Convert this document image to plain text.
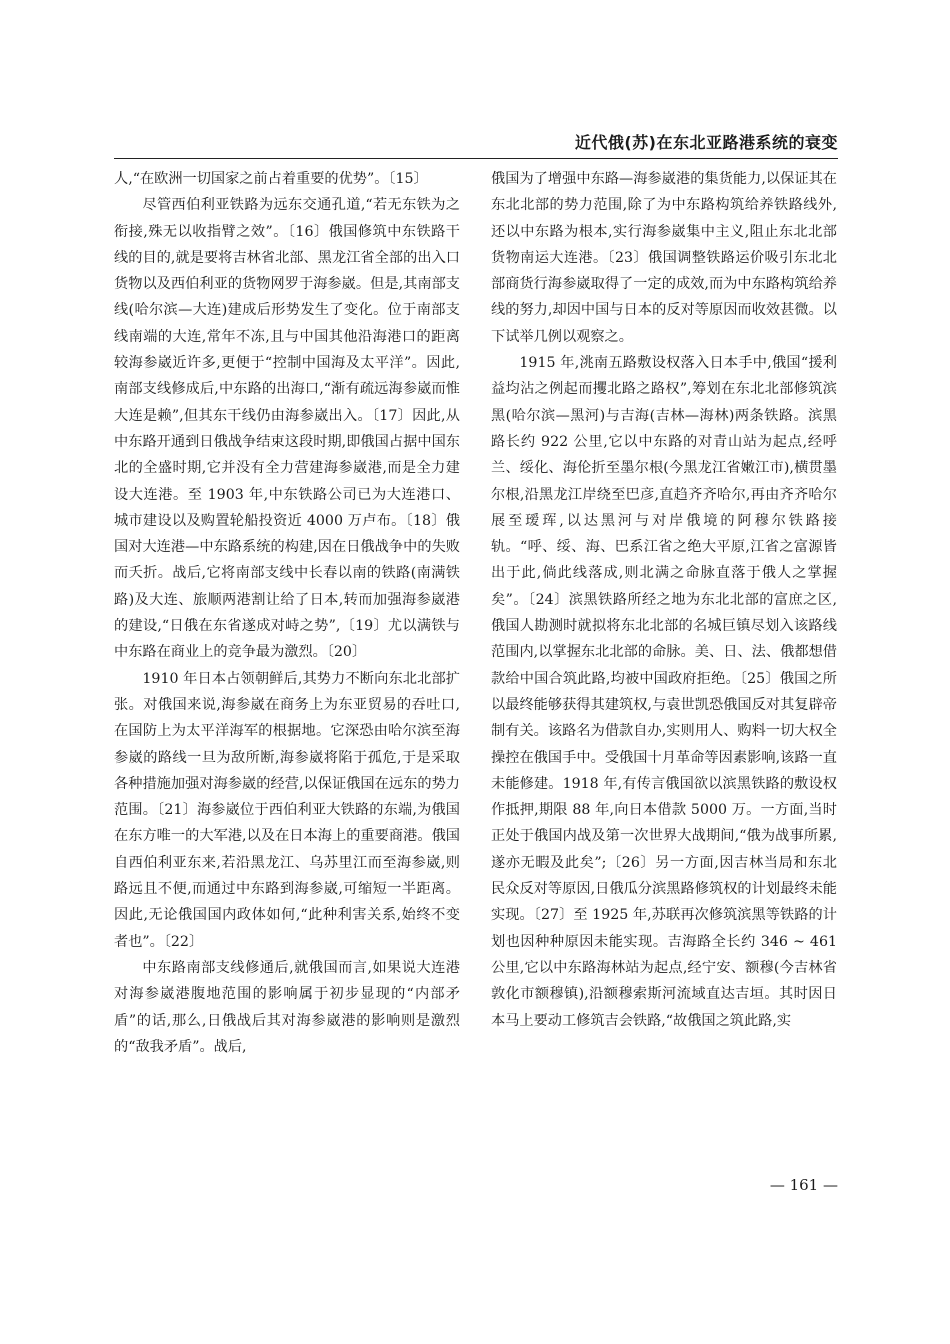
近代俄(苏)在东北亚路港系统的衰变

人,“在欧洲一切国家之前占着重要的优势”。〔15〕

尽管西伯利亚铁路为远东交通孔道,“若无东铁为之衔接,殊无以收指臂之效”。〔16〕俄国修筑中东铁路干线的目的,就是要将吉林省北部、黑龙江省全部的出入口货物以及西伯利亚的货物网罗于海参崴。但是,其南部支线(哈尔滨—大连)建成后形势发生了变化。位于南部支线南端的大连,常年不冻,且与中国其他沿海港口的距离较海参崴近许多,更便于“控制中国海及太平洋”。因此,南部支线修成后,中东路的出海口,“渐有疏远海参崴而惟大连是赖”,但其东干线仍由海参崴出入。〔17〕因此,从中东路开通到日俄战争结束这段时期,即俄国占据中国东北的全盛时期,它并没有全力营建海参崴港,而是全力建设大连港。至 1903 年,中东铁路公司已为大连港口、城市建设以及购置轮船投资近 4000 万卢布。〔18〕俄国对大连港—中东路系统的构建,因在日俄战争中的失败而夭折。战后,它将南部支线中长春以南的铁路(南满铁路)及大连、旅顺两港割让给了日本,转而加强海参崴港的建设,“日俄在东省遂成对峙之势”,〔19〕尤以满铁与中东路在商业上的竞争最为激烈。〔20〕

1910 年日本占领朝鲜后,其势力不断向东北北部扩张。对俄国来说,海参崴在商务上为东亚贸易的吞吐口,在国防上为太平洋海军的根据地。它深恐由哈尔滨至海参崴的路线一旦为敌所断,海参崴将陷于孤危,于是采取各种措施加强对海参崴的经营,以保证俄国在远东的势力范围。〔21〕海参崴位于西伯利亚大铁路的东端,为俄国在东方唯一的大军港,以及在日本海上的重要商港。俄国自西伯利亚东来,若沿黑龙江、乌苏里江而至海参崴,则路远且不便,而通过中东路到海参崴,可缩短一半距离。因此,无论俄国国内政体如何,“此种利害关系,始终不变者也”。〔22〕

中东路南部支线修通后,就俄国而言,如果说大连港对海参崴港腹地范围的影响属于初步显现的“内部矛盾”的话,那么,日俄战后其对海参崴港的影响则是激烈的“敌我矛盾”。战后,

俄国为了增强中东路—海参崴港的集货能力,以保证其在东北北部的势力范围,除了为中东路构筑给养铁路线外,还以中东路为根本,实行海参崴集中主义,阻止东北北部货物南运大连港。〔23〕俄国调整铁路运价吸引东北北部商货行海参崴取得了一定的成效,而为中东路构筑给养线的努力,却因中国与日本的反对等原因而收效甚微。以下试举几例以观察之。

1915 年,洮南五路敷设权落入日本手中,俄国“援利益均沾之例起而攫北路之路权”,筹划在东北北部修筑滨黑(哈尔滨—黑河)与吉海(吉林—海林)两条铁路。滨黑路长约 922 公里,它以中东路的对青山站为起点,经呼兰、绥化、海伦折至墨尔根(今黑龙江省嫩江市),横贯墨尔根,沿黑龙江岸绕至巴彦,直趋齐齐哈尔,再由齐齐哈尔展至瑷珲,以达黑河与对岸俄境的阿穆尔铁路接轨。“呼、绥、海、巴系江省之绝大平原,江省之富源皆出于此,倘此线落成,则北满之命脉直落于俄人之掌握矣”。〔24〕滨黑铁路所经之地为东北北部的富庶之区,俄国人勘测时就拟将东北北部的名城巨镇尽划入该路线范围内,以掌握东北北部的命脉。美、日、法、俄都想借款给中国合筑此路,均被中国政府拒绝。〔25〕俄国之所以最终能够获得其建筑权,与袁世凯恐俄国反对其复辟帝制有关。该路名为借款自办,实则用人、购料一切大权全操控在俄国手中。受俄国十月革命等因素影响,该路一直未能修建。1918 年,有传言俄国欲以滨黑铁路的敷设权作抵押,期限 88 年,向日本借款 5000 万。一方面,当时正处于俄国内战及第一次世界大战期间,“俄为战事所累,遂亦无暇及此矣”;〔26〕另一方面,因吉林当局和东北民众反对等原因,日俄瓜分滨黑路修筑权的计划最终未能实现。〔27〕至 1925 年,苏联再次修筑滨黑等铁路的计划也因种种原因未能实现。吉海路全长约 346 ~ 461 公里,它以中东路海林站为起点,经宁安、额穆(今吉林省敦化市额穆镇),沿额穆索斯河流域直达吉垣。其时因日本马上要动工修筑吉会铁路,“故俄国之筑此路,实

— 161 —
